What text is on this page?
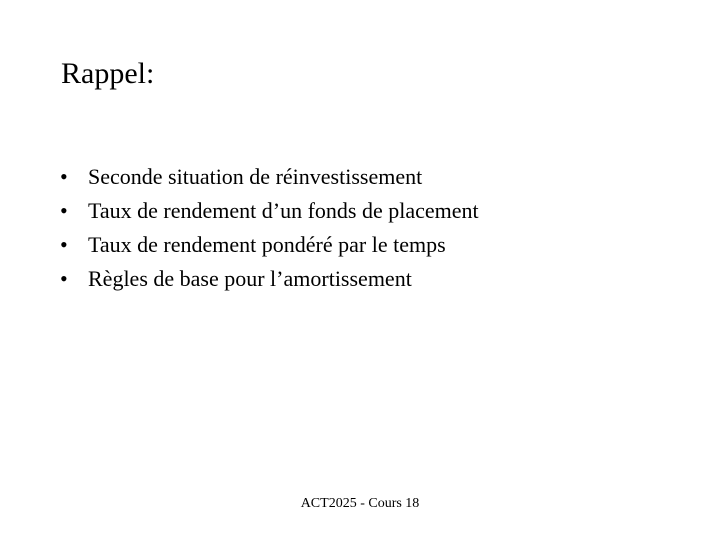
Rappel:
• Seconde situation de réinvestissement
• Taux de rendement d’un fonds de placement
• Taux de rendement pondéré par le temps
• Règles de base pour l’amortissement
ACT2025 - Cours 18
